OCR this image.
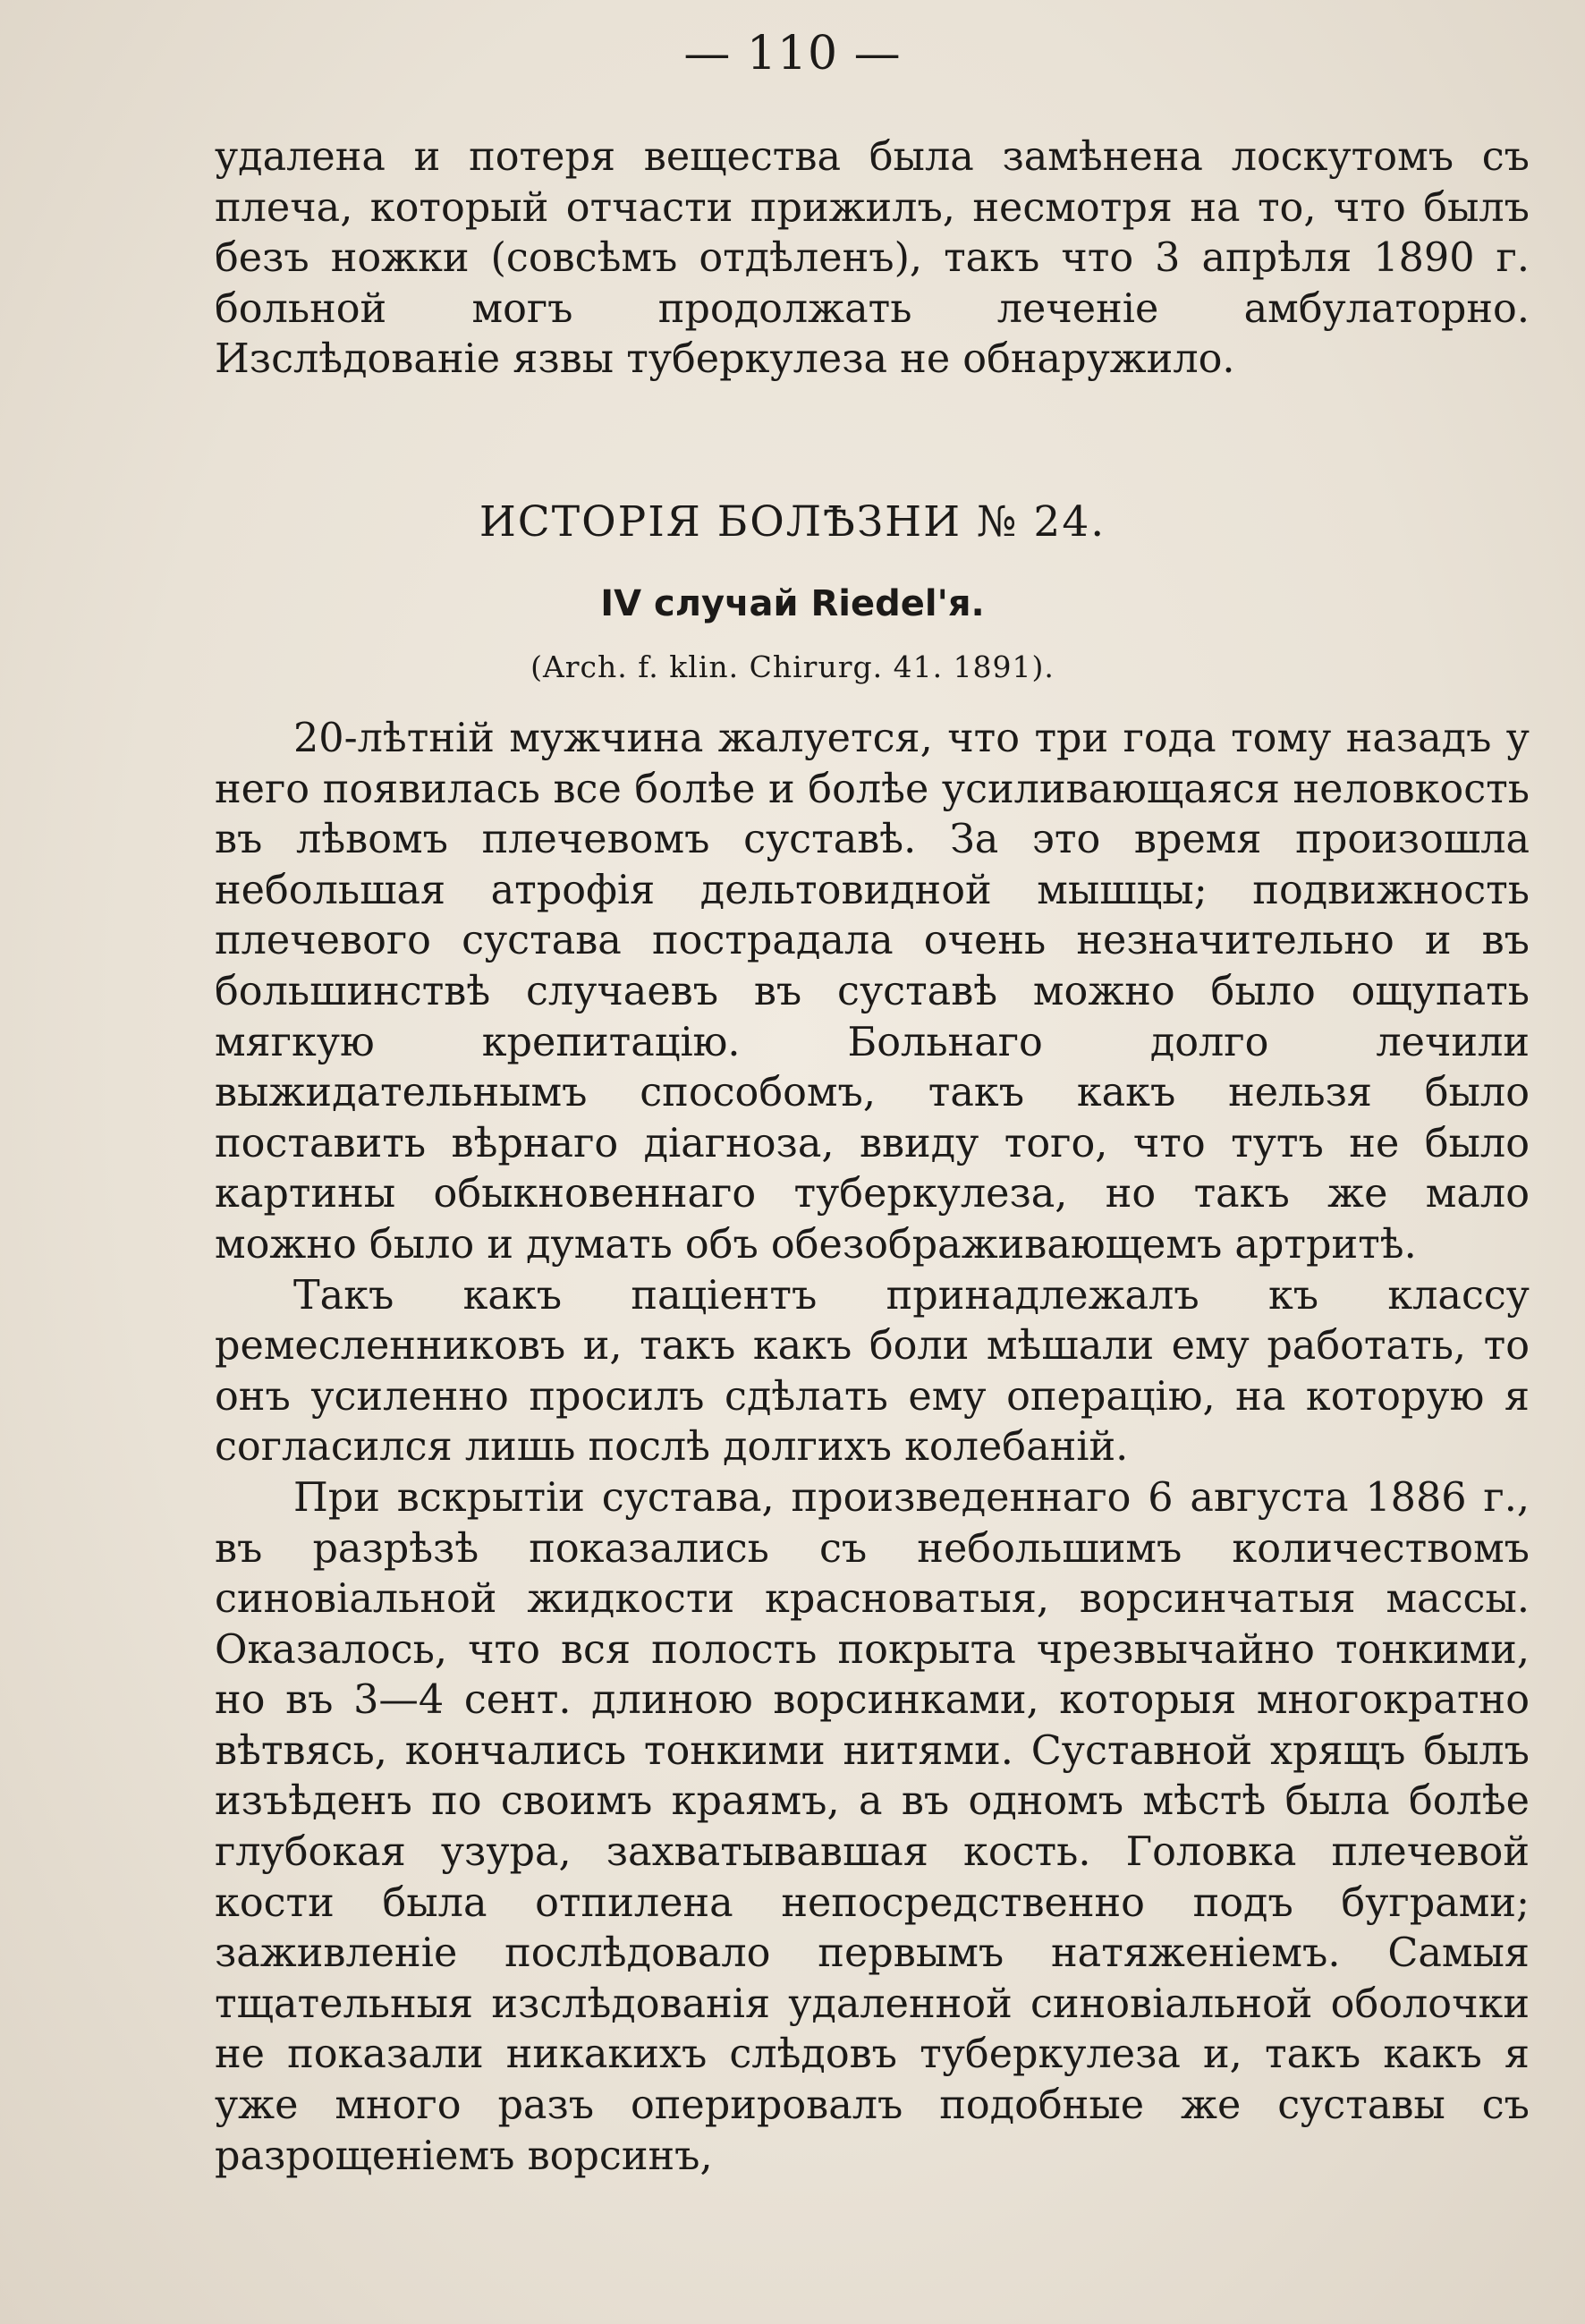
— 110 —

удалена и потеря вещества была замѣнена лоскутомъ съ плеча, который отчасти прижилъ, несмотря на то, что былъ безъ ножки (совсѣмъ отдѣленъ), такъ что 3 апрѣля 1890 г. больной могъ продолжать леченіе амбулаторно. Изслѣдованіе язвы туберкулеза не обнаружило.

ИСТОРІЯ БОЛѢЗНИ № 24.
IV случай Riedel'я.
(Arch. f. klin. Chirurg. 41. 1891).

20-лѣтній мужчина жалуется, что три года тому назадъ у него появилась все болѣе и болѣе усиливающаяся неловкость въ лѣвомъ плечевомъ суставѣ. За это время произошла небольшая атрофія дельтовидной мышцы; подвижность плечевого сустава пострадала очень незначительно и въ большинствѣ случаевъ въ суставѣ можно было ощупать мягкую крепитацію. Больнаго долго лечили выжидательнымъ способомъ, такъ какъ нельзя было поставить вѣрнаго діагноза, ввиду того, что тутъ не было картины обыкновеннаго туберкулеза, но такъ же мало можно было и думать объ обезображивающемъ артритѣ.

Такъ какъ паціентъ принадлежалъ къ классу ремесленниковъ и, такъ какъ боли мѣшали ему работать, то онъ усиленно просилъ сдѣлать ему операцію, на которую я согласился лишь послѣ долгихъ колебаній.

При вскрытіи сустава, произведеннаго 6 августа 1886 г., въ разрѣзѣ показались съ небольшимъ количествомъ синовіальной жидкости красноватыя, ворсинчатыя массы. Оказалось, что вся полость покрыта чрезвычайно тонкими, но въ 3—4 сент. длиною ворсинками, которыя многократно вѣтвясь, кончались тонкими нитями. Суставной хрящъ былъ изъѣденъ по своимъ краямъ, а въ одномъ мѣстѣ была болѣе глубокая узура, захватывавшая кость. Головка плечевой кости была отпилена непосредственно подъ буграми; заживленіе послѣдовало первымъ натяженіемъ. Самыя тщательныя изслѣдованія удаленной синовіальной оболочки не показали никакихъ слѣдовъ туберкулеза и, такъ какъ я уже много разъ оперировалъ подобные же суставы съ разрощеніемъ ворсинъ,
